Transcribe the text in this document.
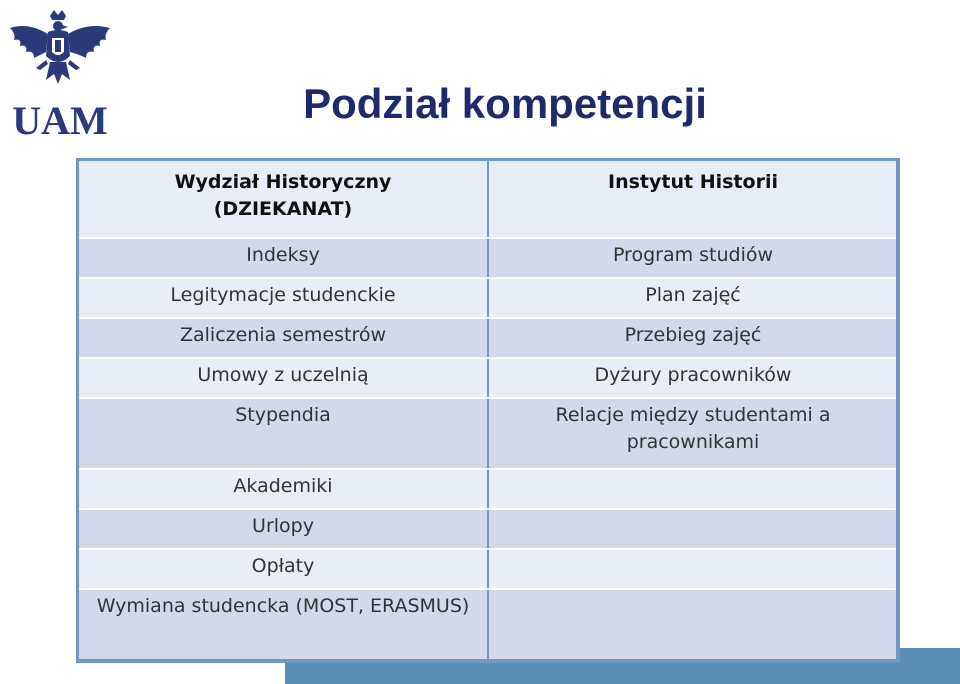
UAM	Podział kompetencji
Wydział Historyczny
(DZIEKANAT)	Instytut Historii
Indeksy	Program studiów
Legitymacje studenckie	Plan zajęć
Zaliczenia semestrów	Przebieg zajęć
Umowy z uczelnią	Dyżury pracowników
Stypendia	Relacje między studentami a pracownikami
Akademiki	
Urlopy	
Opłaty	
Wymiana studencka (MOST, ERASMUS)	
